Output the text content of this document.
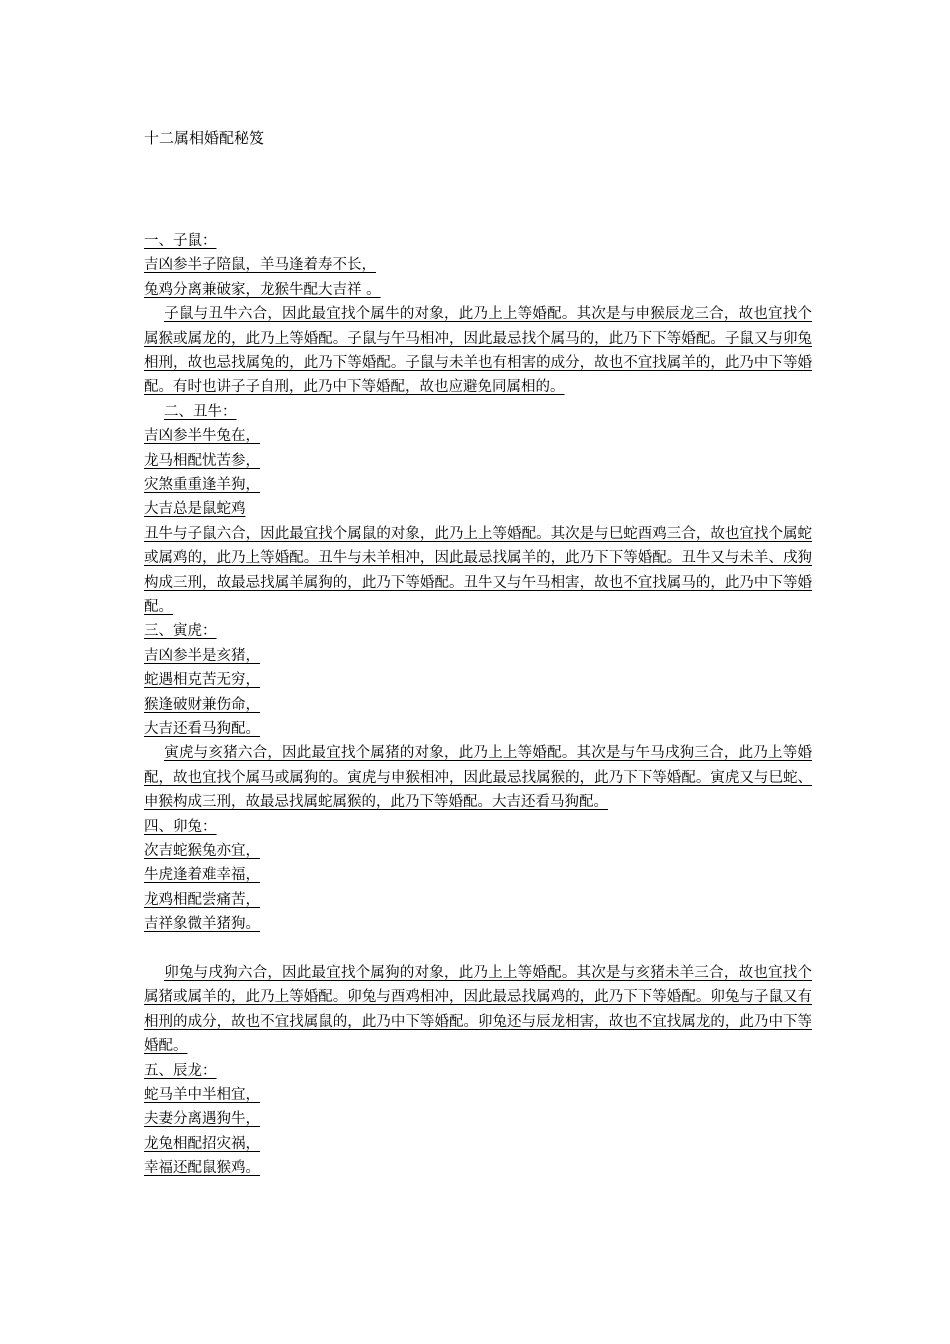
十二属相婚配秘笈
一、子鼠：
吉凶参半子陪鼠，羊马逢着寿不长，
兔鸡分离兼破家，龙猴牛配大吉祥 。
子鼠与丑牛六合，因此最宜找个属牛的对象，此乃上上等婚配。其次是与申猴辰龙三合，故也宜找个属猴或属龙的，此乃上等婚配。子鼠与午马相冲，因此最忌找个属马的，此乃下下等婚配。子鼠又与卯兔相刑，故也忌找属兔的，此乃下等婚配。子鼠与未羊也有相害的成分，故也不宜找属羊的，此乃中下等婚配。有时也讲子子自刑，此乃中下等婚配，故也应避免同属相的。
二、丑牛：
吉凶参半牛兔在，
龙马相配忧苦参，
灾煞重重逢羊狗，
大吉总是鼠蛇鸡
丑牛与子鼠六合，因此最宜找个属鼠的对象，此乃上上等婚配。其次是与巳蛇酉鸡三合，故也宜找个属蛇或属鸡的，此乃上等婚配。丑牛与未羊相冲，因此最忌找属羊的，此乃下下等婚配。丑牛又与未羊、戌狗构成三刑，故最忌找属羊属狗的，此乃下等婚配。丑牛又与午马相害，故也不宜找属马的，此乃中下等婚配。
三、寅虎：
吉凶参半是亥猪，
蛇遇相克苦无穷，
猴逢破财兼伤命，
大吉还看马狗配。
寅虎与亥猪六合，因此最宜找个属猪的对象，此乃上上等婚配。其次是与午马戌狗三合，此乃上等婚配，故也宜找个属马或属狗的。寅虎与申猴相冲，因此最忌找属猴的，此乃下下等婚配。寅虎又与巳蛇、申猴构成三刑，故最忌找属蛇属猴的，此乃下等婚配。大吉还看马狗配。
四、卯兔：
次吉蛇猴兔亦宜，
牛虎逢着难幸福，
龙鸡相配尝痛苦，
吉祥象微羊猪狗。
卯兔与戌狗六合，因此最宜找个属狗的对象，此乃上上等婚配。其次是与亥猪未羊三合，故也宜找个属猪或属羊的，此乃上等婚配。卯兔与酉鸡相冲，因此最忌找属鸡的，此乃下下等婚配。卯兔与子鼠又有相刑的成分，故也不宜找属鼠的，此乃中下等婚配。卯兔还与辰龙相害，故也不宜找属龙的，此乃中下等婚配。
五、辰龙：
蛇马羊中半相宜，
夫妻分离遇狗牛，
龙兔相配招灾祸，
幸福还配鼠猴鸡。
